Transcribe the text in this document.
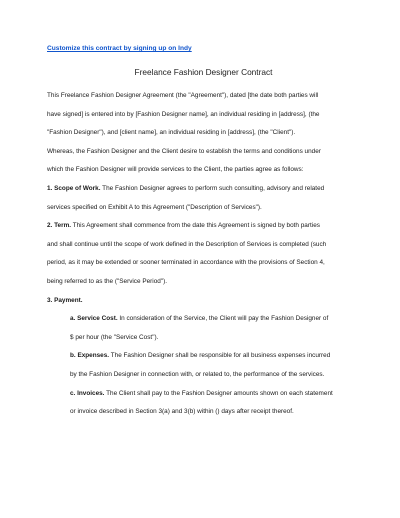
Customize this contract by signing up on Indy
Freelance Fashion Designer Contract

This Freelance Fashion Designer Agreement (the "Agreement"), dated [the date both parties will
have signed] is entered into by [Fashion Designer name], an individual residing in [address], (the
"Fashion Designer"), and [client name], an individual residing in [address], (the "Client").

Whereas, the Fashion Designer and the Client desire to establish the terms and conditions under
which the Fashion Designer will provide services to the Client, the parties agree as follows:

1. Scope of Work. The Fashion Designer agrees to perform such consulting, advisory and related
services specified on Exhibit A to this Agreement ("Description of Services").

2. Term. This Agreement shall commence from the date this Agreement is signed by both parties
and shall continue until the scope of work defined in the Description of Services is completed (such
period, as it may be extended or sooner terminated in accordance with the provisions of Section 4,
being referred to as the ("Service Period").

3. Payment.

a. Service Cost. In consideration of the Service, the Client will pay the Fashion Designer of
$ per hour (the "Service Cost").

b. Expenses. The Fashion Designer shall be responsible for all business expenses incurred
by the Fashion Designer in connection with, or related to, the performance of the services.

c. Invoices. The Client shall pay to the Fashion Designer amounts shown on each statement
or invoice described in Section 3(a) and 3(b) within () days after receipt thereof.
